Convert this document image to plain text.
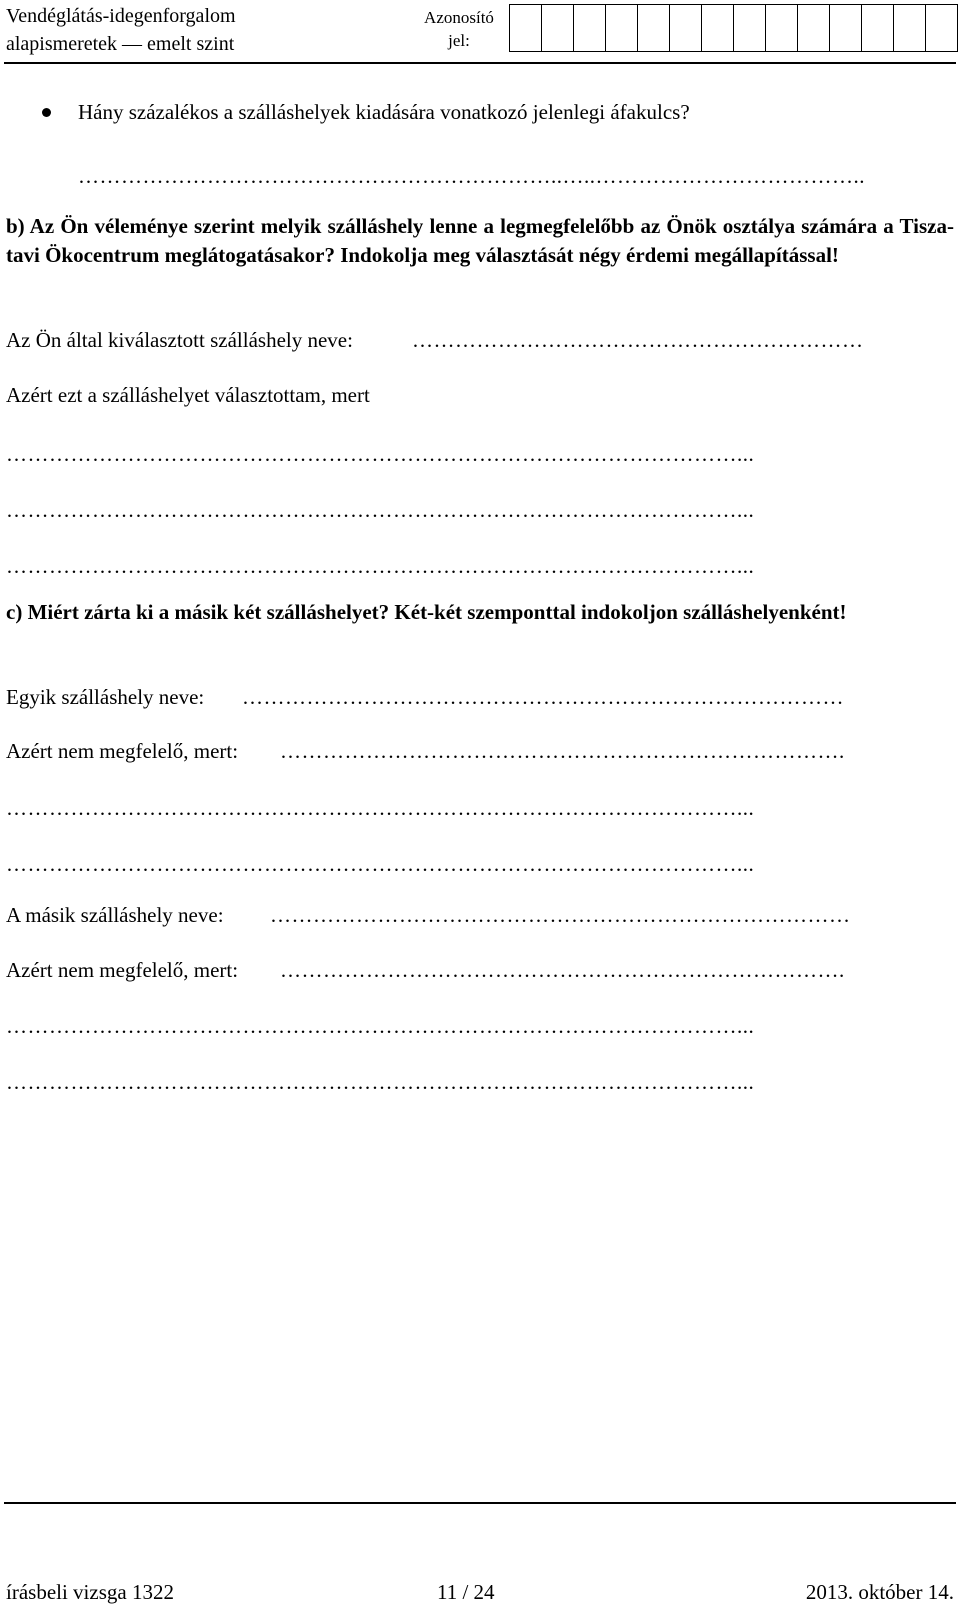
Vendéglátás-idegenforgalom
alapismeretek — emelt szint
Azonosító
jel:
Hány százalékos a szálláshelyek kiadására vonatkozó jelenlegi áfakulcs?
…………………………………………………………..…..………………………………..
b) Az Ön véleménye szerint melyik szálláshely lenne a legmegfelelőbb az Önök osztálya számára a Tisza-tavi Ökocentrum meglátogatásakor? Indokolja meg választását négy érdemi megállapítással!
Az Ön által kiválasztott szálláshely neve:	………………………………………………………
Azért ezt a szálláshelyet választottam, mert
…………………………………………………………………………………………...
…………………………………………………………………………………………...
…………………………………………………………………………………………...
c) Miért zárta ki a másik két szálláshelyet? Két-két szemponttal indokoljon szálláshelyenként!
Egyik szálláshely neve: …………………………………………………………………………
Azért nem megfelelő, mert: …………………………………………………………………….
…………………………………………………………………………………………...
…………………………………………………………………………………………...
A másik szálláshely neve: ………………………………………………………………………
Azért nem megfelelő, mert: …………………………………………………………………….
…………………………………………………………………………………………...
…………………………………………………………………………………………...
írásbeli vizsga 1322	11 / 24	2013. október 14.
